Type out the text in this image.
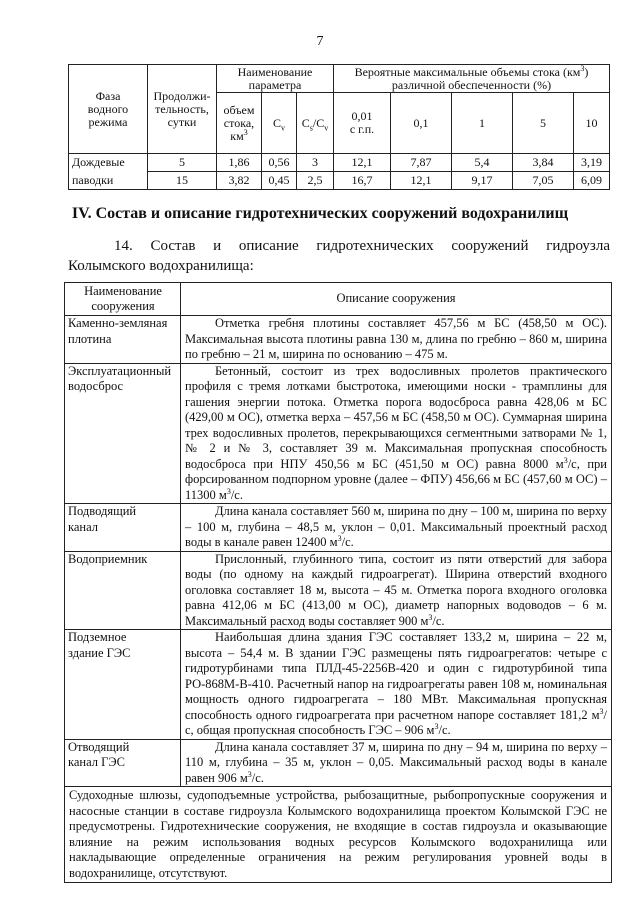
7
Фаза
водного
режима	Продолжи-
тельность,
сутки	Наименование
параметра			Вероятные максимальные объемы стока $(км^3)$
различной обеспеченности (%)				
		объем
стока,
$км^3$	$C_v$	$C_s/C_v$	0,01
с г.п.	0,1	1	5	10
Дождевые	5	1,86	0,56	3	12,1	7,87	5,4	3,84	3,19
паводки	15	3,82	0,45	2,5	16,7	12,1	9,17	7,05	6,09
IV. Состав и описание гидротехнических сооружений водохранилищ
14. Состав и описание гидротехнических сооружений гидроузла
Колымского водохранилища:
Наименование
сооружения	Описание сооружения
Каменно-земляная
плотина	Отметка гребня плотины составляет 457,56 м БС (458,50 м ОС). Максимальная высота плотины равна 130 м, длина по гребню – 860 м, ширина по гребню – 21 м, ширина по основанию – 475 м.

Эксплуатационный
водосброс	Бетонный, состоит из трех водосливных пролетов практического профиля с тремя лотками быстротока, имеющими носки - трамплины для гашения энергии потока. Отметка порога водосброса равна 428,06 м БС (429,00 м ОС), отметка верха – 457,56 м БС (458,50 м ОС). Суммарная ширина трех водосливных пролетов, перекрывающихся сегментными затворами № 1, № 2 и № 3, составляет 39 м. Максимальная пропускная способность водосброса при НПУ 450,56 м БС (451,50 м ОС) равна 8000 $м^3/с$, при форсированном подпорном уровне (далее – ФПУ) 456,66 м БС (457,60 м ОС) – 11300 $м^3/с$.

Подводящий
канал	Длина канала составляет 560 м, ширина по дну – 100 м, ширина по верху – 100 м, глубина – 48,5 м, уклон – 0,01. Максимальный проектный расход воды в канале равен 12400 $м^3/с$.

Водоприемник	Прислонный, глубинного типа, состоит из пяти отверстий для забора воды (по одному на каждый гидроагрегат). Ширина отверстий входного оголовка составляет 18 м, высота – 45 м. Отметка порога входного оголовка равна 412,06 м БС (413,00 м ОС), диаметр напорных водоводов – 6 м. Максимальный расход воды составляет 900 $м^3/с$.

Подземное
здание ГЭС	Наибольшая длина здания ГЭС составляет 133,2 м, ширина – 22 м, высота – 54,4 м. В здании ГЭС размещены пять гидроагрегатов: четыре с гидротурбинами типа ПЛД-45-2256В-420 и один с гидротурбиной типа РО-868М-В-410. Расчетный напор на гидроагрегаты равен 108 м, номинальная мощность одного гидроагрегата – 180 МВт. Максимальная пропускная способность одного гидроагрегата при расчетном напоре составляет 181,2 $м^3/с$, общая пропускная способность ГЭС – 906 $м^3/с$.

Отводящий
канал ГЭС	Длина канала составляет 37 м, ширина по дну – 94 м, ширина по верху – 110 м, глубина – 35 м, уклон – 0,05. Максимальный расход воды в канале равен 906 $м^3/с$.

Судоходные шлюзы, судоподъемные устройства, рыбозащитные, рыбопропускные сооружения и насосные станции в составе гидроузла Колымского водохранилища проектом Колымской ГЭС не предусмотрены. Гидротехнические сооружения, не входящие в состав гидроузла и оказывающие влияние на режим использования водных ресурсов Колымского водохранилища или накладывающие определенные ограничения на режим регулирования уровней воды в водохранилище, отсутствуют.	
